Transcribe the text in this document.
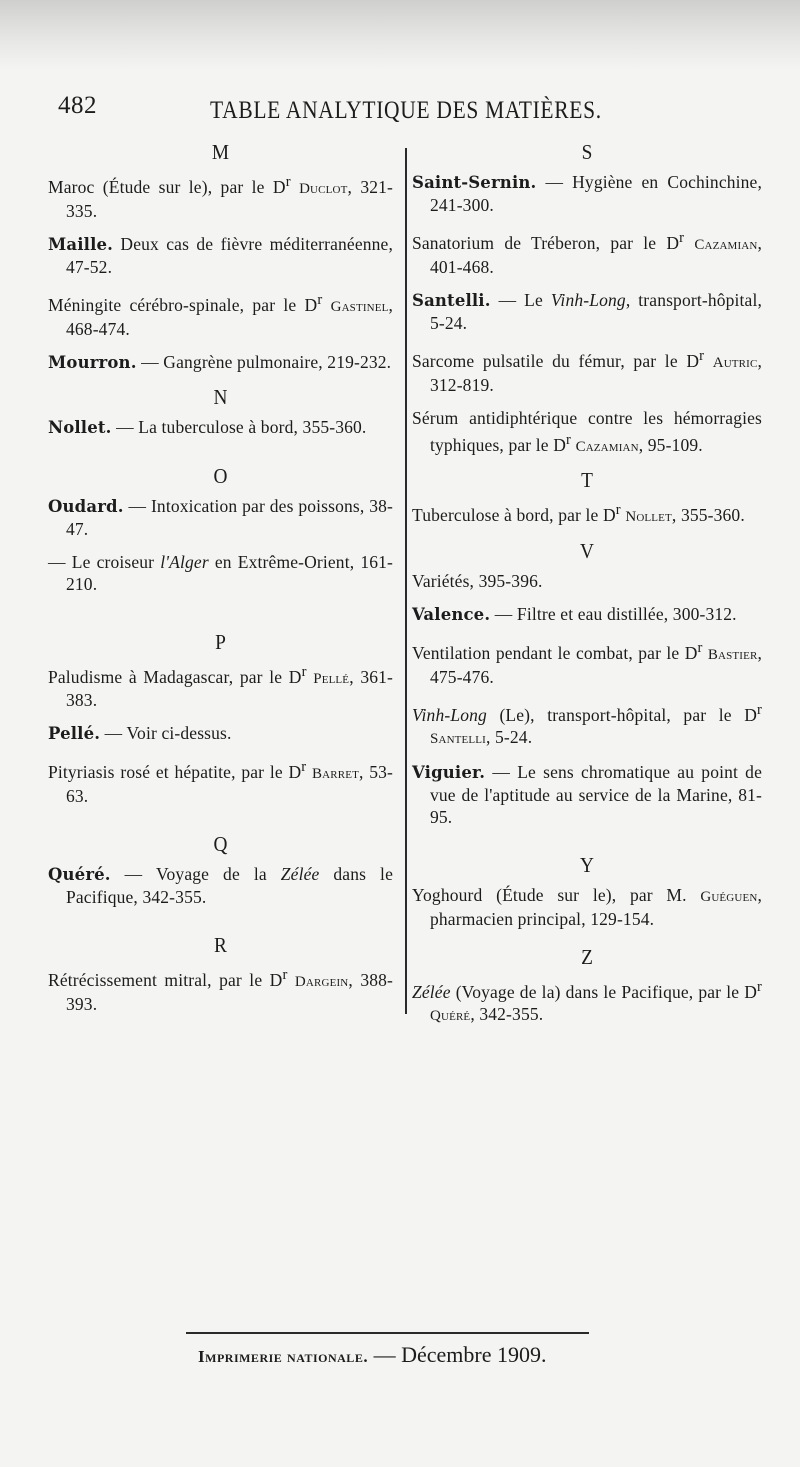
482	TABLE ANALYTIQUE DES MATIÈRES.
M

Maroc (Étude sur le), par le $D^r$ Duclot, 321-335.

Maille. Deux cas de fièvre méditerranéenne, 47-52.

Méningite cérébro-spinale, par le $D^r$ Gastinel, 468-474.

Mourron. — Gangrène pulmonaire, 219-232.

N

Nollet. — La tuberculose à bord, 355-360.

O

Oudard. — Intoxication par des poissons, 38-47.

— Le croiseur l'Alger en Extrême-Orient, 161-210.

P

Paludisme à Madagascar, par le $D^r$ Pellé, 361-383.

Pellé. — Voir ci-dessus.

Pityriasis rosé et hépatite, par le $D^r$ Barret, 53-63.

Q

Quéré. — Voyage de la Zélée dans le Pacifique, 342-355.

R

Rétrécissement mitral, par le $D^r$ Dargein, 388-393.

S

Saint-Sernin. — Hygiène en Cochinchine, 241-300.

Sanatorium de Tréberon, par le $D^r$ Cazamian, 401-468.

Santelli. — Le Vinh-Long, transport-hôpital, 5-24.

Sarcome pulsatile du fémur, par le $D^r$ Autric, 312-819.

Sérum antidiphtérique contre les hémorragies typhiques, par le $D^r$ Cazamian, 95-109.

T

Tuberculose à bord, par le $D^r$ Nollet, 355-360.

V

Variétés, 395-396.

Valence. — Filtre et eau distillée, 300-312.

Ventilation pendant le combat, par le $D^r$ Bastier, 475-476.

Vinh-Long (Le), transport-hôpital, par le $D^r$ Santelli, 5-24.

Viguier. — Le sens chromatique au point de vue de l'aptitude au service de la Marine, 81-95.

Y

Yoghourd (Étude sur le), par M. Guéguen, pharmacien principal, 129-154.

Z

Zélée (Voyage de la) dans le Pacifique, par le $D^r$ Quéré, 342-355.

Imprimerie nationale. — Décembre 1909.
